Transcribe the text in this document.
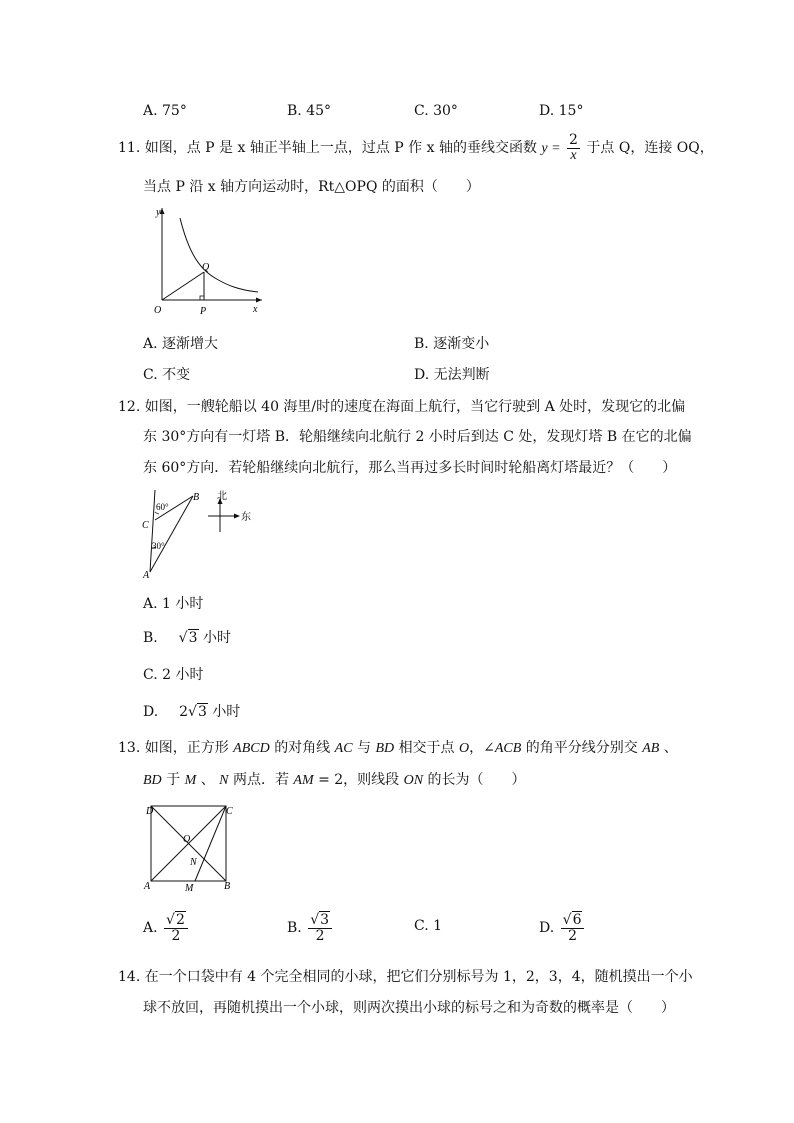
A. 75°	B. 45°	C. 30°	D. 15°
11. 如图，点 P 是 x 轴正半轴上一点，过点 P 作 x 轴的垂线交函数 $y = \frac{2}{x}$ 于点 Q，连接 OQ，
当点 P 沿 x 轴方向运动时，Rt△OPQ 的面积（　　）
y
x
O	P
Q
A. 逐渐增大	B. 逐渐变小
C. 不变	D. 无法判断
12. 如图，一艘轮船以 40 海里/时的速度在海面上航行，当它行驶到 A 处时，发现它的北偏
东 30°方向有一灯塔 B．轮船继续向北航行 2 小时后到达 C 处，发现灯塔 B 在它的北偏
东 60°方向．若轮船继续向北航行，那么当再过多长时间时轮船离灯塔最近？（　　）
A
B
C
60°
30°
北
东
A. 1 小时
B. √3 小时
C. 2 小时
D. 2√3 小时
13. 如图，正方形 ABCD 的对角线 AC 与 BD 相交于点 O，∠ACB 的角平分线分别交 AB 、
BD 于 M 、 N 两点．若 AM = 2，则线段 ON 的长为（　　）
D	C
A	B
O
N
M
A. $\frac{√2}{2}$	B. $\frac{√3}{2}$	C. 1	D. $\frac{√6}{2}$
14. 在一个口袋中有 4 个完全相同的小球，把它们分别标号为 1，2，3，4，随机摸出一个小
球不放回，再随机摸出一个小球，则两次摸出小球的标号之和为奇数的概率是（　　）
